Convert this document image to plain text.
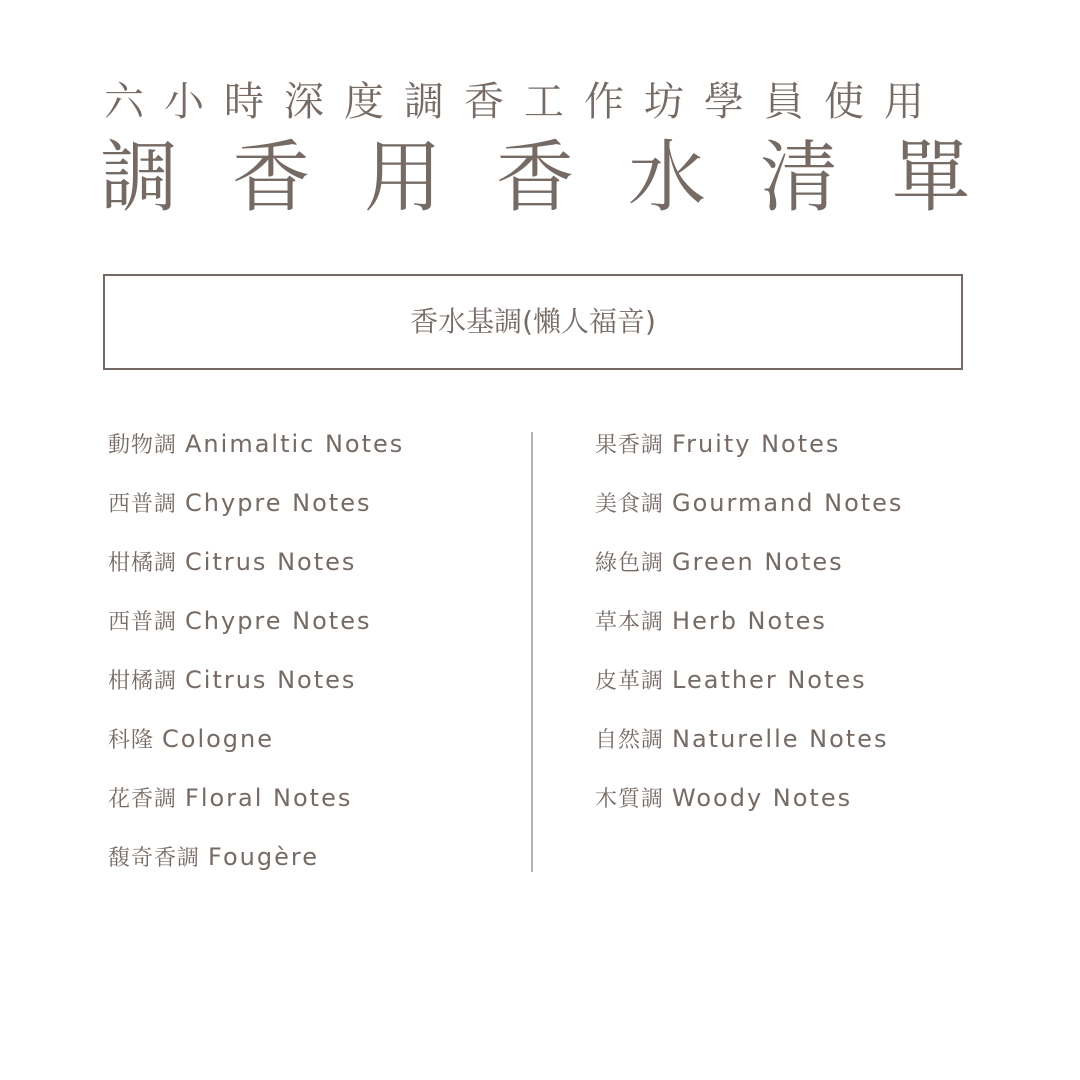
六小時深度調香工作坊學員使用
調香用香水清單
香水基調(懶人福音)
動物調 Animaltic Notes
西普調 Chypre Notes
柑橘調 Citrus Notes
西普調 Chypre Notes
柑橘調 Citrus Notes
科隆 Cologne
花香調 Floral Notes
馥奇香調 Fougère
果香調 Fruity Notes
美食調 Gourmand Notes
綠色調 Green Notes
草本調 Herb Notes
皮革調 Leather Notes
自然調 Naturelle Notes
木質調 Woody Notes
